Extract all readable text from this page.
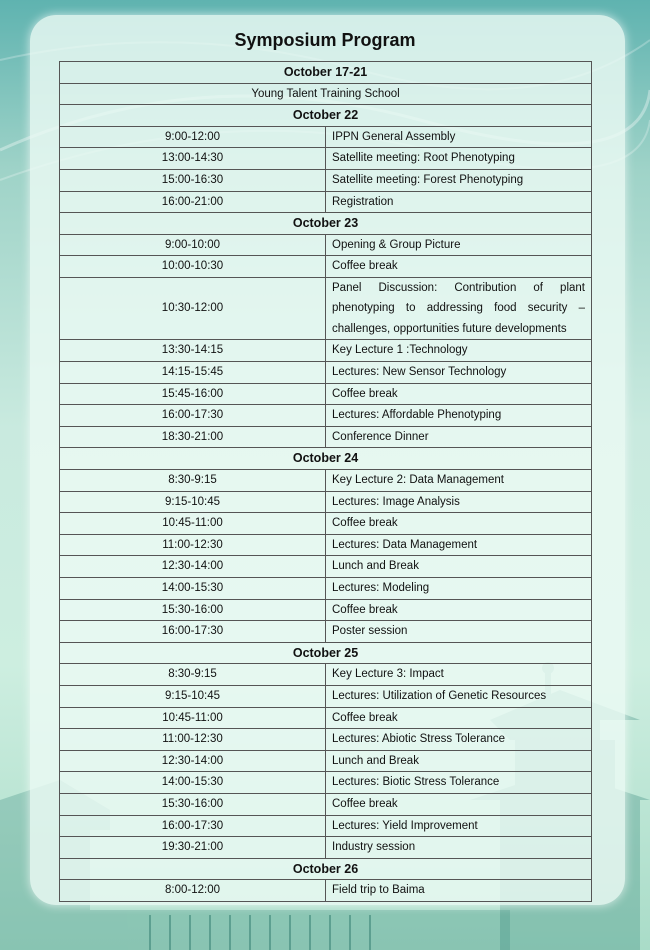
Symposium Program
October 17-21	
Young Talent Training School	
October 22	
9:00-12:00	IPPN General Assembly
13:00-14:30	Satellite meeting: Root Phenotyping
15:00-16:30	Satellite meeting: Forest Phenotyping
16:00-21:00	Registration
October 23	
9:00-10:00	Opening & Group Picture
10:00-10:30	Coffee break
10:30-12:00	Panel Discussion: Contribution of plant phenotyping to addressing food security –challenges, opportunities future developments
13:30-14:15	Key Lecture 1 :Technology
14:15-15:45	Lectures: New Sensor Technology
15:45-16:00	Coffee break
16:00-17:30	Lectures: Affordable Phenotyping
18:30-21:00	Conference Dinner
October 24	
8:30-9:15	Key Lecture 2: Data Management
9:15-10:45	Lectures: Image Analysis
10:45-11:00	Coffee break
11:00-12:30	Lectures: Data Management
12:30-14:00	Lunch and Break
14:00-15:30	Lectures: Modeling
15:30-16:00	Coffee break
16:00-17:30	Poster session
October 25	
8:30-9:15	Key Lecture 3: Impact
9:15-10:45	Lectures: Utilization of Genetic Resources
10:45-11:00	Coffee break
11:00-12:30	Lectures: Abiotic Stress Tolerance
12:30-14:00	Lunch and Break
14:00-15:30	Lectures: Biotic Stress Tolerance
15:30-16:00	Coffee break
16:00-17:30	Lectures: Yield Improvement
19:30-21:00	Industry session
October 26	
8:00-12:00	Field trip to Baima
